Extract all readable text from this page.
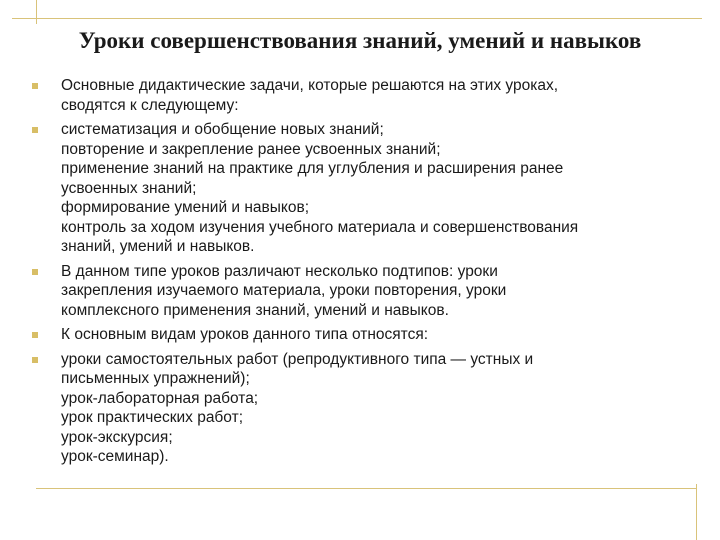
Уроки совершенствования знаний, умений и навыков
Основные дидактические задачи, которые решаются на этих уроках,
сводятся к следующему:
систематизация и обобщение новых знаний;
повторение и закрепление ранее усвоенных знаний;
применение знаний на практике для углубления и расширения ранее
усвоенных знаний;
формирование умений и навыков;
контроль за ходом изучения учебного материала и совершенствования
знаний, умений и навыков.
В данном типе уроков различают несколько подтипов: уроки
закрепления изучаемого материала, уроки повторения, уроки
комплексного применения знаний, умений и навыков.
К основным видам уроков данного типа относятся:
уроки самостоятельных работ (репродуктивного типа — устных и
письменных упражнений);
урок-лабораторная работа;
урок практических работ;
урок-экскурсия;
урок-семинар).
